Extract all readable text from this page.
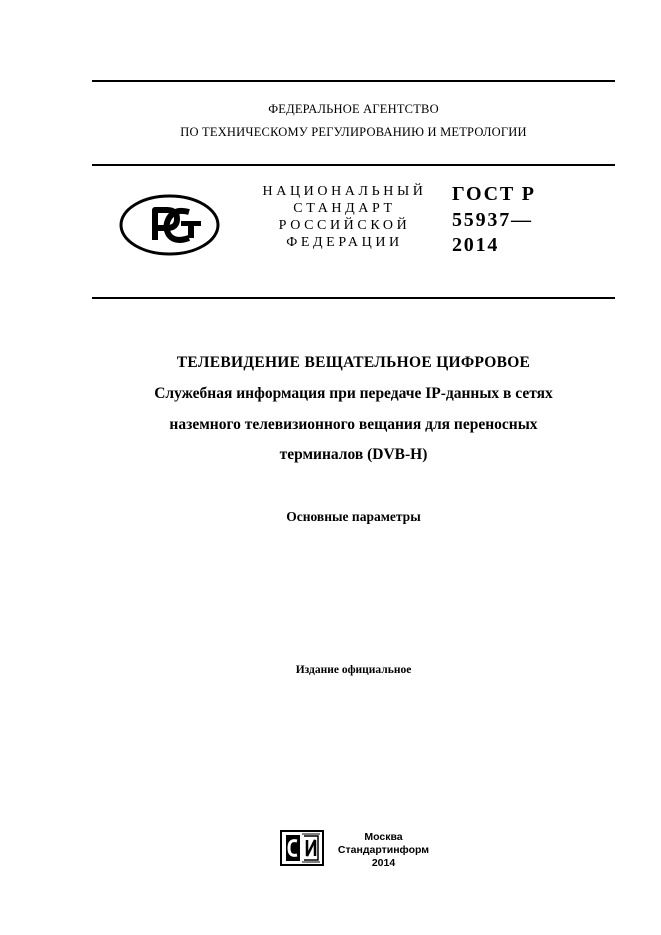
ФЕДЕРАЛЬНОЕ АГЕНТСТВО
ПО ТЕХНИЧЕСКОМУ РЕГУЛИРОВАНИЮ И МЕТРОЛОГИИ
НАЦИОНАЛЬНЫЙ
СТАНДАРТ
РОССИЙСКОЙ
ФЕДЕРАЦИИ
ГОСТ Р
55937—
2014
ТЕЛЕВИДЕНИЕ ВЕЩАТЕЛЬНОЕ ЦИФРОВОЕ
Служебная информация при передаче IP-данных в сетях
наземного телевизионного вещания для переносных
терминалов (DVB-H)
Основные параметры
Издание официальное
Москва
Стандартинформ
2014
